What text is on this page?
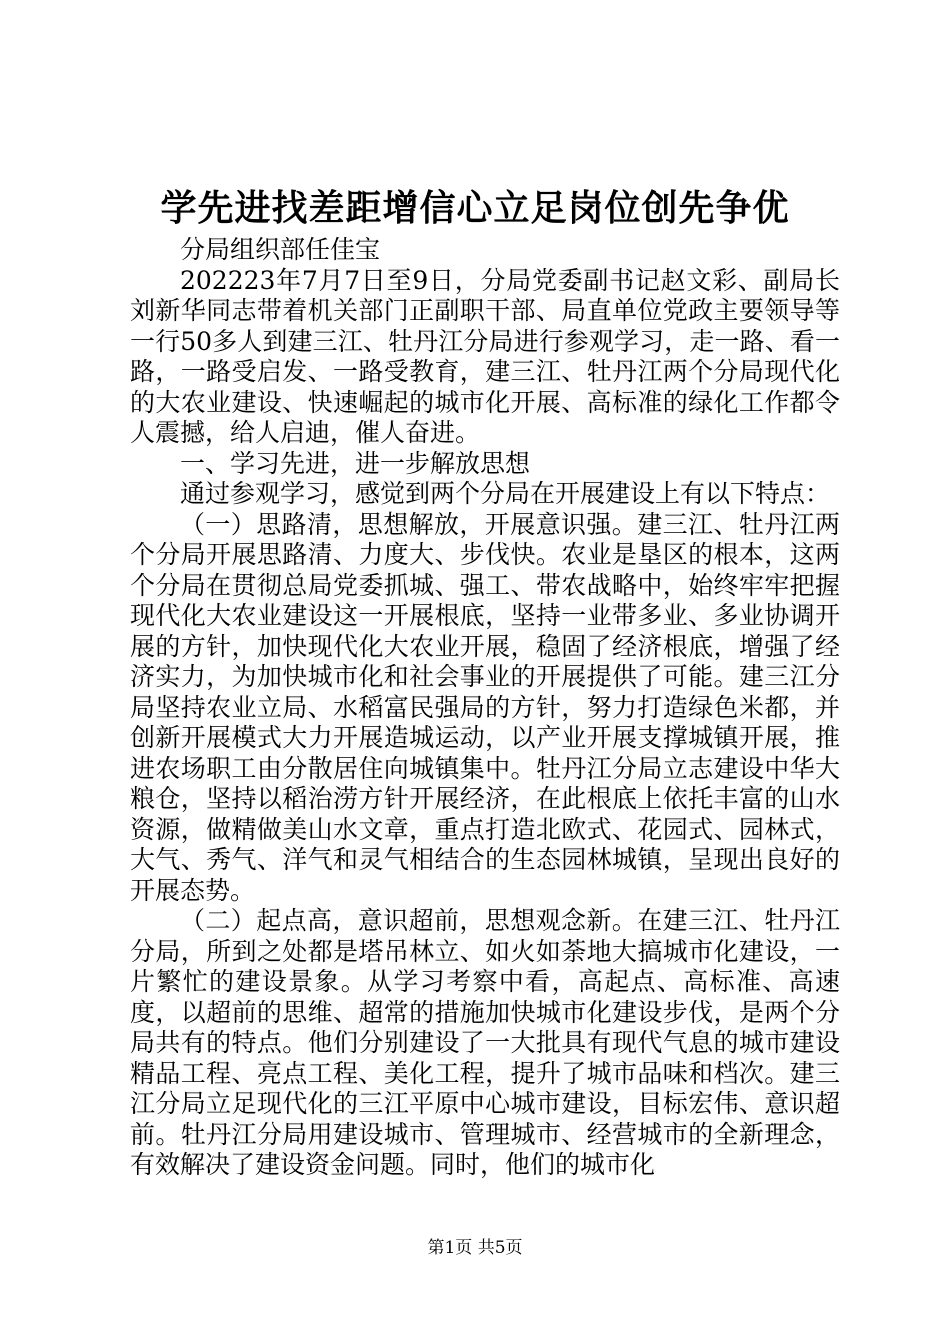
学先进找差距增信心立足岗位创先争优

分局组织部任佳宝

202223年7月7日至9日，分局党委副书记赵文彩、副局长刘新华同志带着机关部门正副职干部、局直单位党政主要领导等一行50多人到建三江、牡丹江分局进行参观学习，走一路、看一路，一路受启发、一路受教育，建三江、牡丹江两个分局现代化的大农业建设、快速崛起的城市化开展、高标准的绿化工作都令人震撼，给人启迪，催人奋进。

一、学习先进，进一步解放思想

通过参观学习，感觉到两个分局在开展建设上有以下特点：

（一）思路清，思想解放，开展意识强。建三江、牡丹江两个分局开展思路清、力度大、步伐快。农业是垦区的根本，这两个分局在贯彻总局党委抓城、强工、带农战略中，始终牢牢把握现代化大农业建设这一开展根底，坚持一业带多业、多业协调开展的方针，加快现代化大农业开展，稳固了经济根底，增强了经济实力，为加快城市化和社会事业的开展提供了可能。建三江分局坚持农业立局、水稻富民强局的方针，努力打造绿色米都，并创新开展模式大力开展造城运动，以产业开展支撑城镇开展，推进农场职工由分散居住向城镇集中。牡丹江分局立志建设中华大粮仓，坚持以稻治涝方针开展经济，在此根底上依托丰富的山水资源，做精做美山水文章，重点打造北欧式、花园式、园林式，大气、秀气、洋气和灵气相结合的生态园林城镇，呈现出良好的开展态势。

（二）起点高，意识超前，思想观念新。在建三江、牡丹江分局，所到之处都是塔吊林立、如火如荼地大搞城市化建设，一片繁忙的建设景象。从学习考察中看，高起点、高标准、高速度，以超前的思维、超常的措施加快城市化建设步伐，是两个分局共有的特点。他们分别建设了一大批具有现代气息的城市建设精品工程、亮点工程、美化工程，提升了城市品味和档次。建三江分局立足现代化的三江平原中心城市建设，目标宏伟、意识超前。牡丹江分局用建设城市、管理城市、经营城市的全新理念，有效解决了建设资金问题。同时，他们的城市化

第1页 共5页
